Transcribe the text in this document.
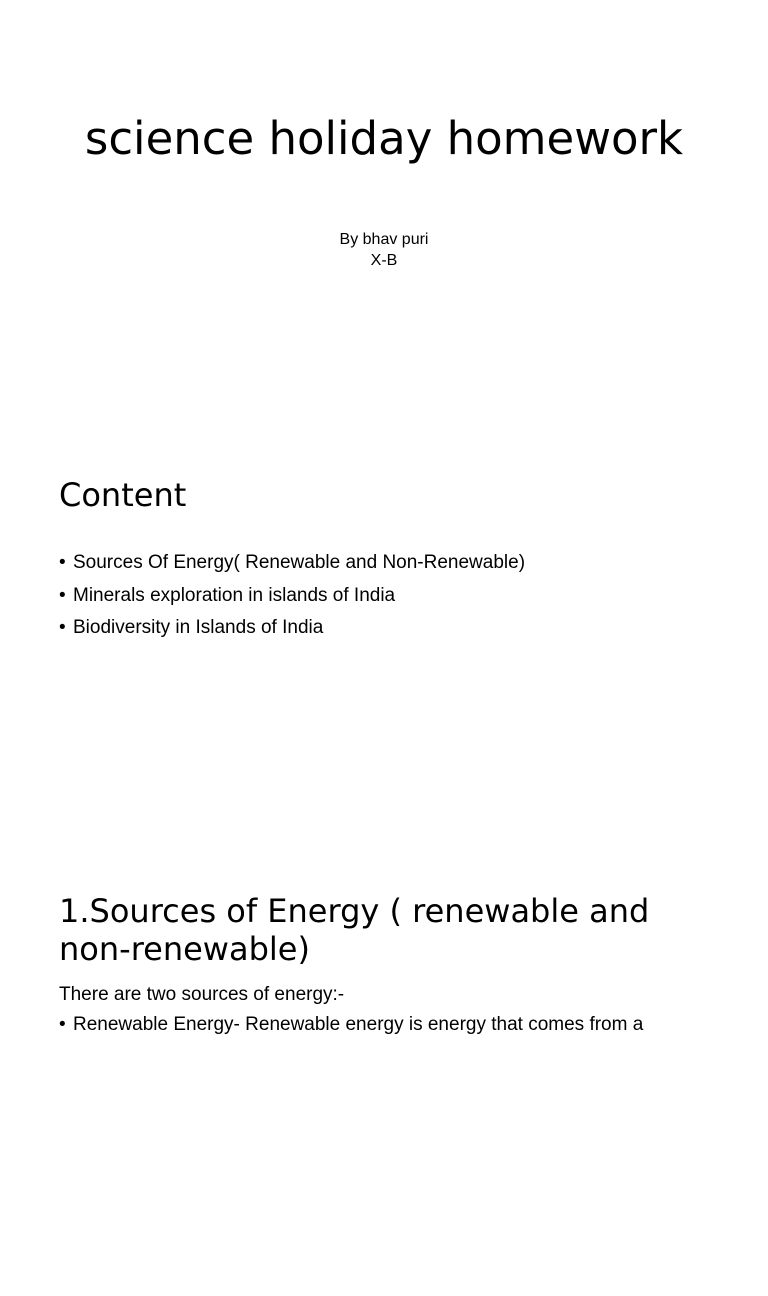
science holiday homework
By bhav puri
X-B
Content
• Sources Of Energy( Renewable and Non-Renewable)
• Minerals exploration in islands of India
• Biodiversity in Islands of India
1.Sources of Energy ( renewable and
non-renewable)

There are two sources of energy:-

• Renewable Energy- Renewable energy is energy that comes from a
